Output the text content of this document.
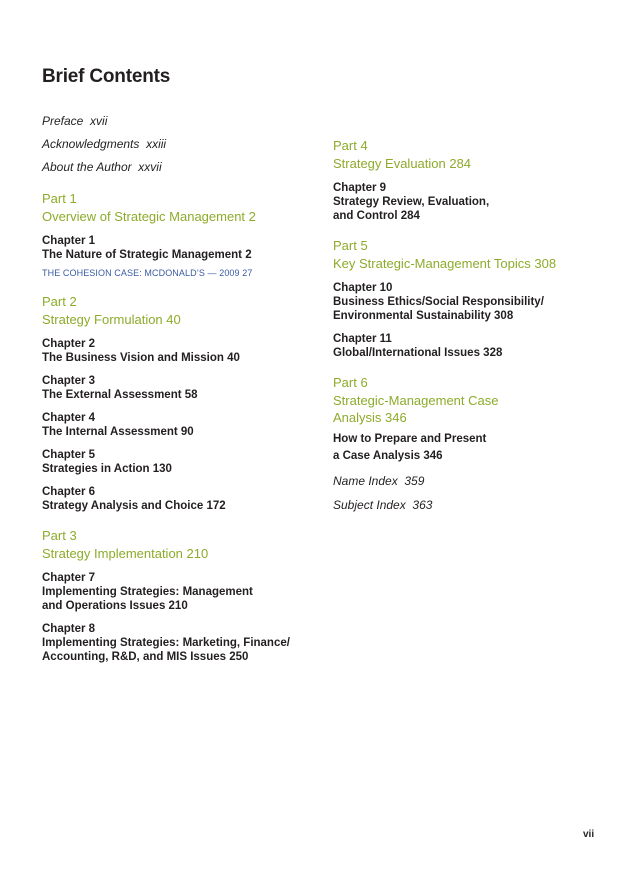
Brief Contents

Preface xvii

Acknowledgments xxiii

About the Author xxvii

Part 1

Overview of Strategic Management 2

Chapter 1
The Nature of Strategic Management 2

THE COHESION CASE: MCDONALD’S — 2009 27

Part 2

Strategy Formulation 40

Chapter 2
The Business Vision and Mission 40
Chapter 3
The External Assessment 58
Chapter 4
The Internal Assessment 90
Chapter 5
Strategies in Action 130
Chapter 6
Strategy Analysis and Choice 172

Part 3

Strategy Implementation 210

Chapter 7
Implementing Strategies: Management
and Operations Issues 210
Chapter 8
Implementing Strategies: Marketing, Finance/
Accounting, R&D, and MIS Issues 250

Part 4

Strategy Evaluation 284

Chapter 9
Strategy Review, Evaluation,
and Control 284

Part 5

Key Strategic-Management Topics 308

Chapter 10
Business Ethics/Social Responsibility/
Environmental Sustainability 308
Chapter 11
Global/International Issues 328

Part 6

Strategic-Management Case
Analysis 346

How to Prepare and Present
a Case Analysis 346

Name Index 359

Subject Index 363

vii
